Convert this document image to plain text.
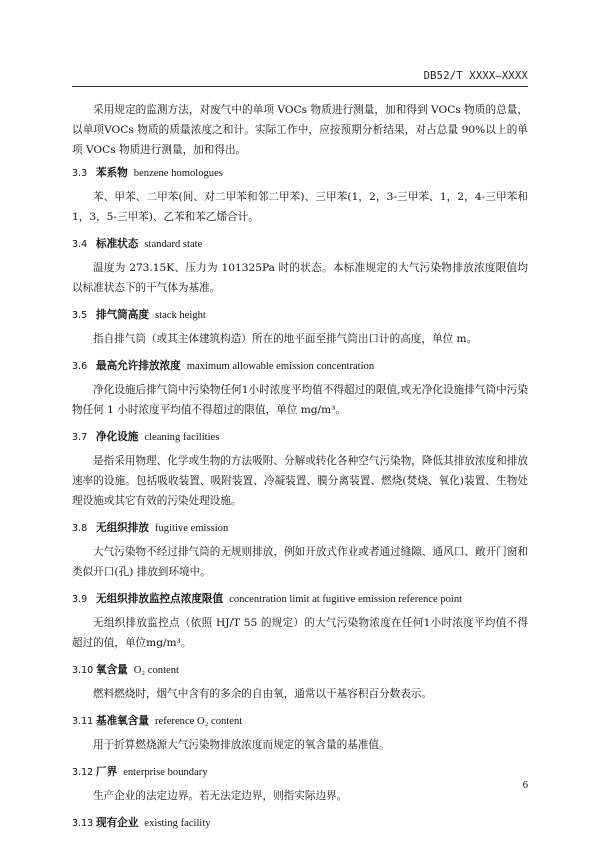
DB52/T XXXX—XXXX

采用规定的监测方法，对废气中的单项 VOCs 物质进行测量，加和得到 VOCs 物质的总量，以单项VOCs 物质的质量浓度之和计。实际工作中，应按预期分析结果，对占总量 90%以上的单项 VOCs 物质进行测量，加和得出。

3.3 苯系物 benzene homologues

苯、甲苯、二甲苯(间、对二甲苯和邻二甲苯)、三甲苯(1，2，3-三甲苯、1，2，4-三甲苯和1，3，5-三甲苯)、乙苯和苯乙烯合计。

3.4 标准状态 standard state

温度为 273.15K、压力为 101325Pa 时的状态。本标准规定的大气污染物排放浓度限值均以标准状态下的干气体为基准。

3.5 排气筒高度 stack height

指自排气筒（或其主体建筑构造）所在的地平面至排气筒出口计的高度，单位 m。

3.6 最高允许排放浓度 maximum allowable emission concentration

净化设施后排气筒中污染物任何1小时浓度平均值不得超过的限值,或无净化设施排气筒中污染物任何 1 小时浓度平均值不得超过的限值，单位 mg/m³。

3.7 净化设施 cleaning facilities

是指采用物理、化学或生物的方法吸附、分解或转化各种空气污染物，降低其排放浓度和排放速率的设施。包括吸收装置、吸附装置、冷凝装置、膜分离装置、燃烧(焚烧、氧化)装置、生物处理设施或其它有效的污染处理设施。

3.8 无组织排放 fugitive emission

大气污染物不经过排气筒的无规则排放，例如开放式作业或者通过缝隙、通风口、敞开门窗和类似开口(孔) 排放到环境中。

3.9 无组织排放监控点浓度限值 concentration limit at fugitive emission reference point

无组织排放监控点（依照 HJ/T 55 的规定）的大气污染物浓度在任何1小时浓度平均值不得超过的值，单位mg/m³。

3.10 氧含量 O₂ content

燃料燃烧时，烟气中含有的多余的自由氧，通常以干基容积百分数表示。

3.11 基准氧含量 reference O₂ content

用于折算燃烧源大气污染物排放浓度而规定的氧含量的基准值。

3.12 厂界 enterprise boundary

生产企业的法定边界。若无法定边界，则指实际边界。

3.13 现有企业 existing facility
6
